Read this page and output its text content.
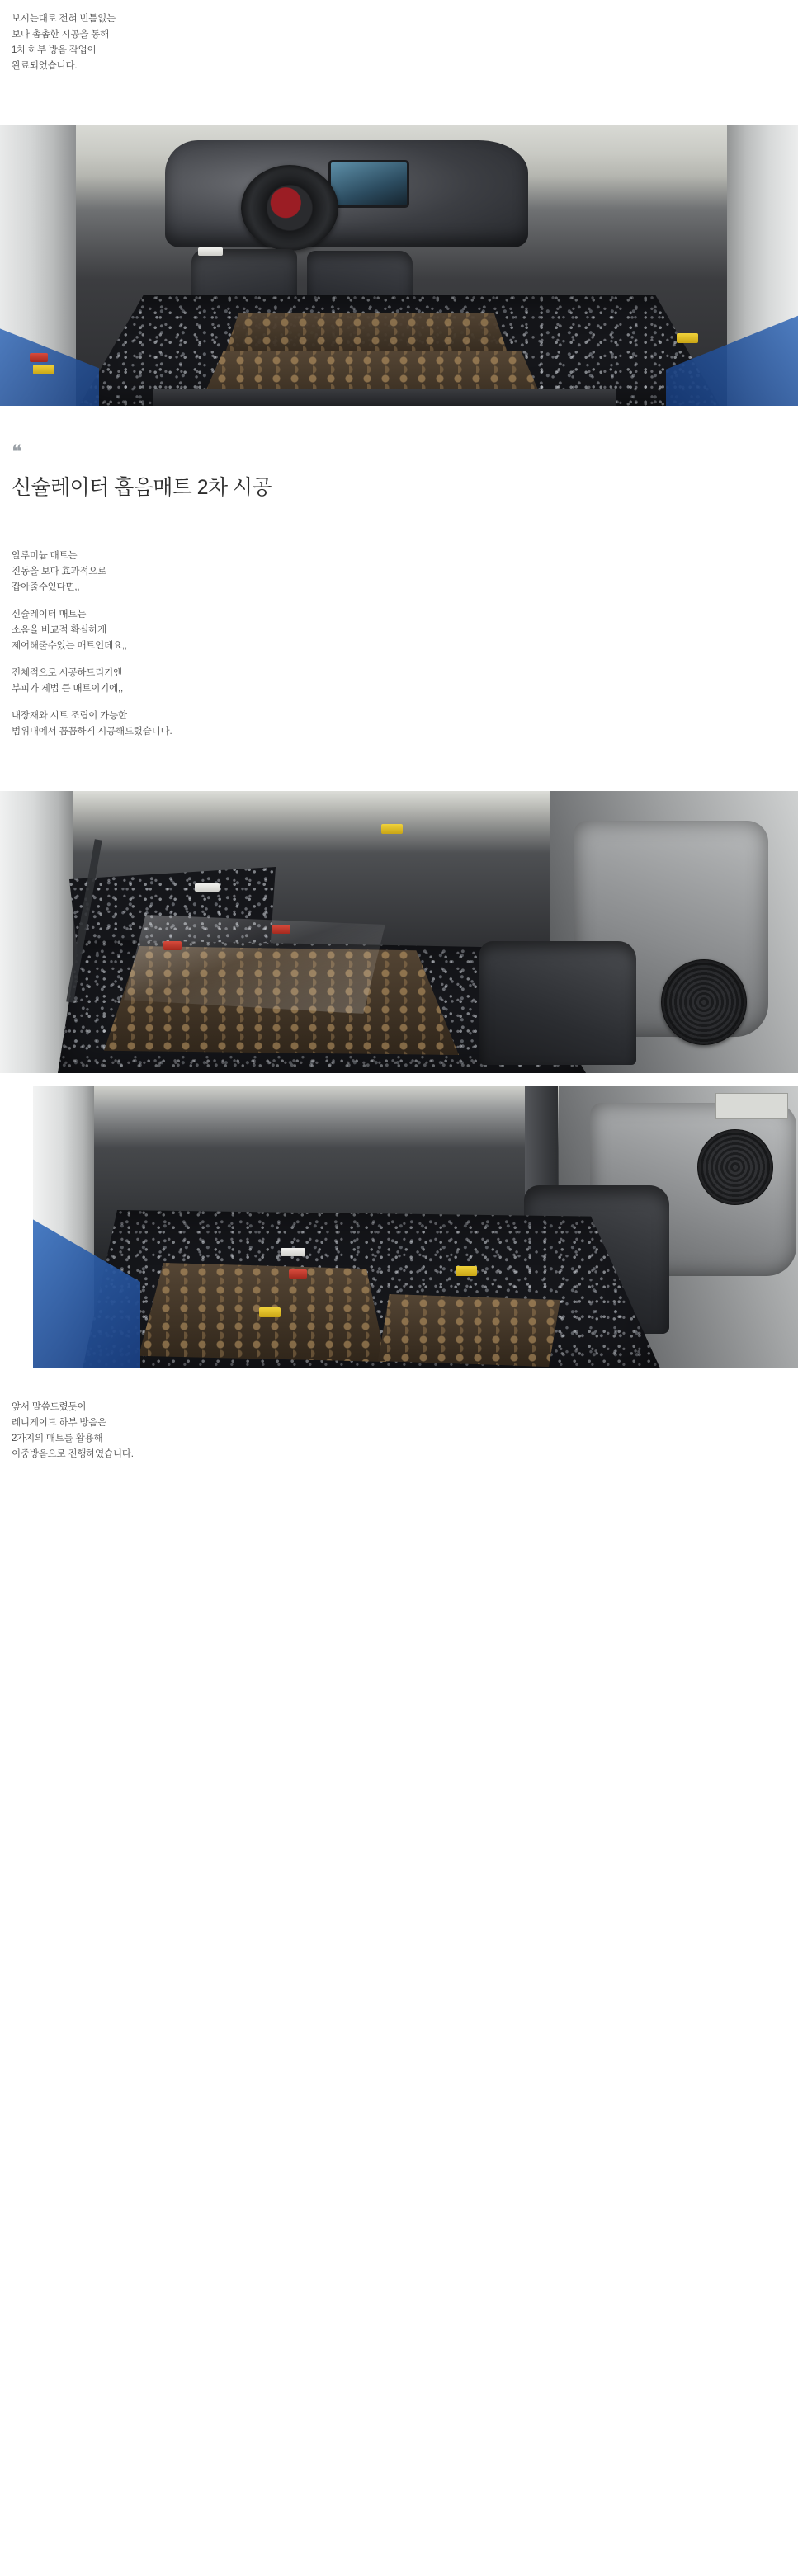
보시는대로 전혀 빈틈없는

보다 촘촘한 시공을 통해

1차 하부 방음 작업이

완료되었습니다.

❝
신슐레이터 흡음매트 2차 시공

알루미늄 매트는

진동을 보다 효과적으로

잡아줄수있다면,,

신슐레이터 매트는

소음을 비교적 확실하게

제어해줄수있는 매트인데요,,

전체적으로 시공하드리기엔

부피가 제법 큰 매트이기에,,

내장재와 시트 조립이 가능한

범위내에서 꼼꼼하게 시공해드렸습니다.

앞서 말씀드렸듯이

레니게이드 하부 방음은

2가지의 매트를 활용해

이중방음으로 진행하였습니다.
